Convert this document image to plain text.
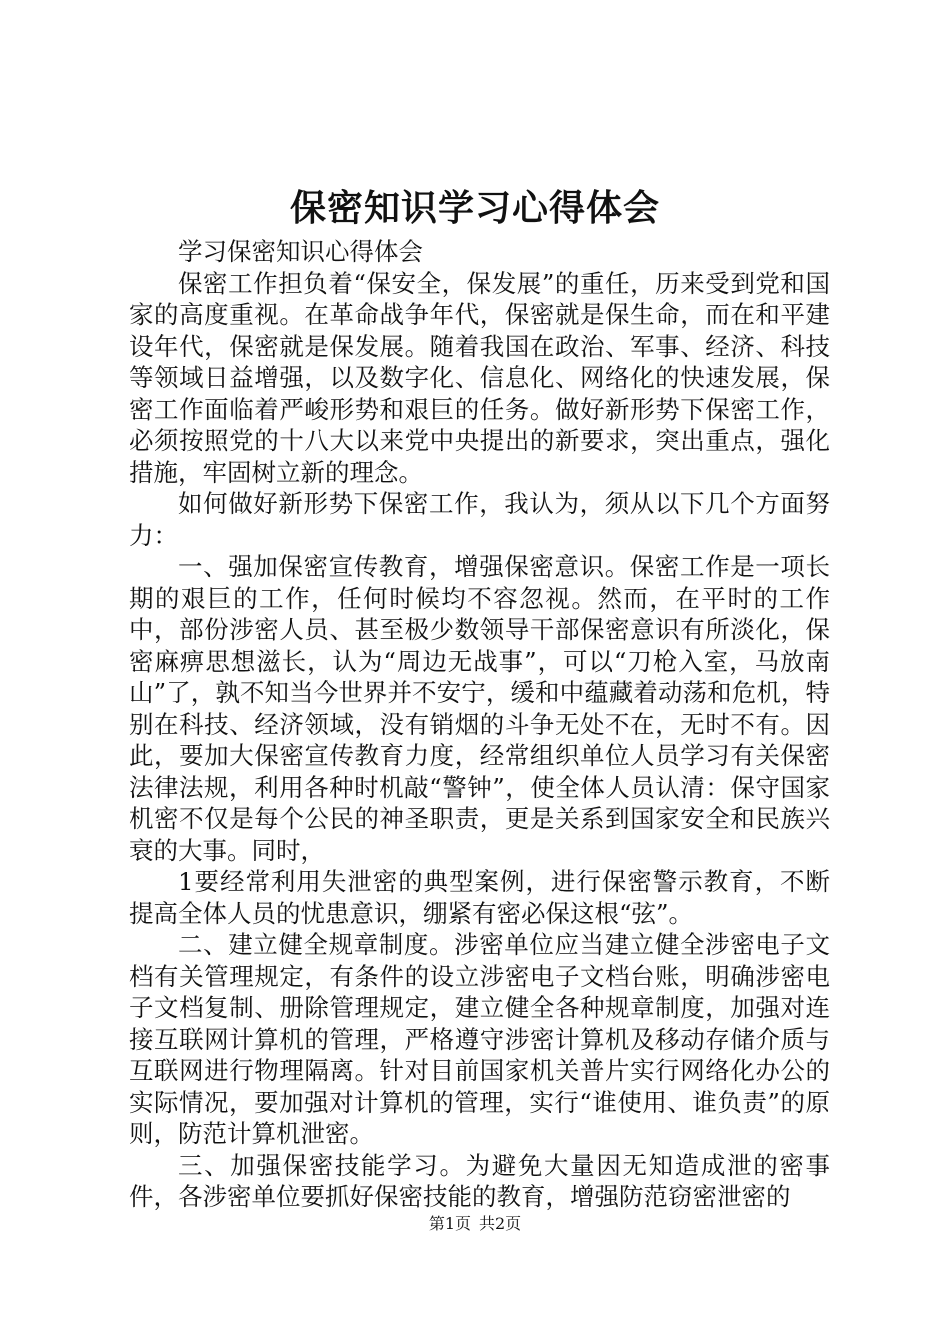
保密知识学习心得体会

学习保密知识心得体会

保密工作担负着“保安全，保发展”的重任，历来受到党和国家的高度重视。在革命战争年代，保密就是保生命，而在和平建设年代，保密就是保发展。随着我国在政治、军事、经济、科技等领域日益增强，以及数字化、信息化、网络化的快速发展，保密工作面临着严峻形势和艰巨的任务。做好新形势下保密工作，必须按照党的十八大以来党中央提出的新要求，突出重点，强化措施，牢固树立新的理念。

如何做好新形势下保密工作，我认为，须从以下几个方面努力：

一、强加保密宣传教育，增强保密意识。保密工作是一项长期的艰巨的工作，任何时候均不容忽视。然而，在平时的工作中，部份涉密人员、甚至极少数领导干部保密意识有所淡化，保密麻痹思想滋长，认为“周边无战事”，可以“刀枪入室，马放南山”了，孰不知当今世界并不安宁，缓和中蕴藏着动荡和危机，特别在科技、经济领域，没有销烟的斗争无处不在，无时不有。因此，要加大保密宣传教育力度，经常组织单位人员学习有关保密法律法规，利用各种时机敲“警钟”，使全体人员认清：保守国家机密不仅是每个公民的神圣职责，更是关系到国家安全和民族兴衰的大事。同时，

1要经常利用失泄密的典型案例，进行保密警示教育，不断提高全体人员的忧患意识，绷紧有密必保这根“弦”。

二、建立健全规章制度。涉密单位应当建立健全涉密电子文档有关管理规定，有条件的设立涉密电子文档台账，明确涉密电子文档复制、册除管理规定，建立健全各种规章制度，加强对连接互联网计算机的管理，严格遵守涉密计算机及移动存储介质与互联网进行物理隔离。针对目前国家机关普片实行网络化办公的实际情况，要加强对计算机的管理，实行“谁使用、谁负责”的原则，防范计算机泄密。

三、加强保密技能学习。为避免大量因无知造成泄的密事件，各涉密单位要抓好保密技能的教育，增强防范窃密泄密的

第1页 共2页
